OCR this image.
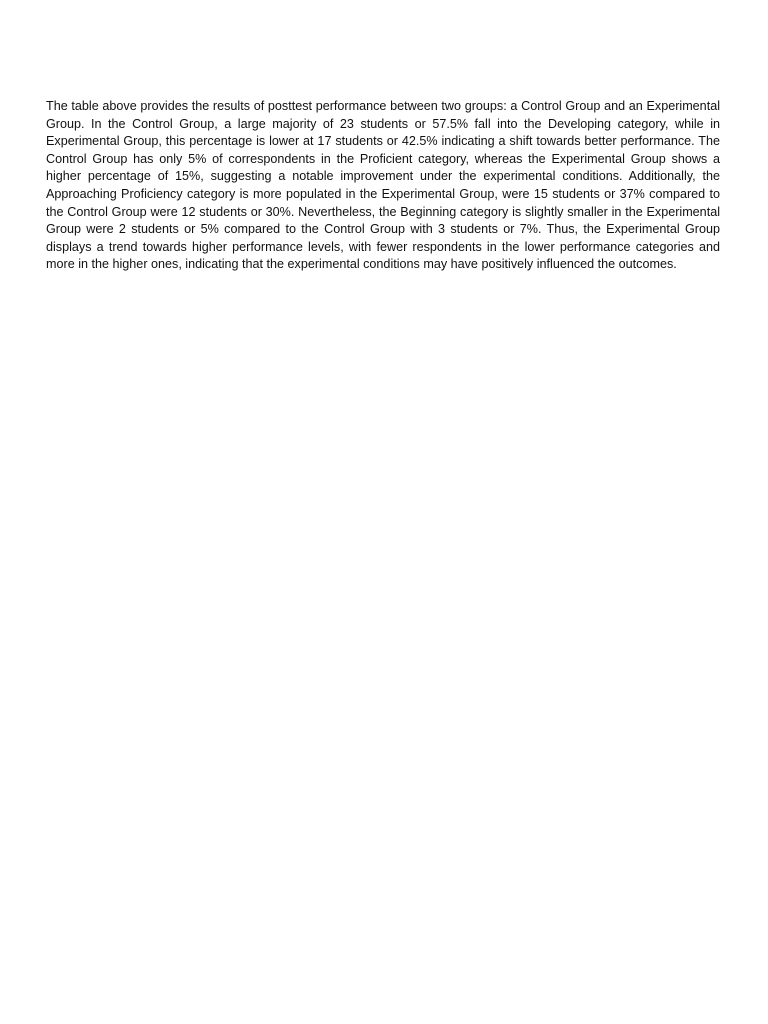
The table above provides the results of posttest performance between two groups: a Control Group and an Experimental Group. In the Control Group, a large majority of 23 students or 57.5% fall into the Developing category, while in Experimental Group, this percentage is lower at 17 students or 42.5% indicating a shift towards better performance. The Control Group has only 5% of correspondents in the Proficient category, whereas the Experimental Group shows a higher percentage of 15%, suggesting a notable improvement under the experimental conditions. Additionally, the Approaching Proficiency category is more populated in the Experimental Group, were 15 students or 37% compared to the Control Group were 12 students or 30%. Nevertheless, the Beginning category is slightly smaller in the Experimental Group were 2 students or 5% compared to the Control Group with 3 students or 7%. Thus, the Experimental Group displays a trend towards higher performance levels, with fewer respondents in the lower performance categories and more in the higher ones, indicating that the experimental conditions may have positively influenced the outcomes.
